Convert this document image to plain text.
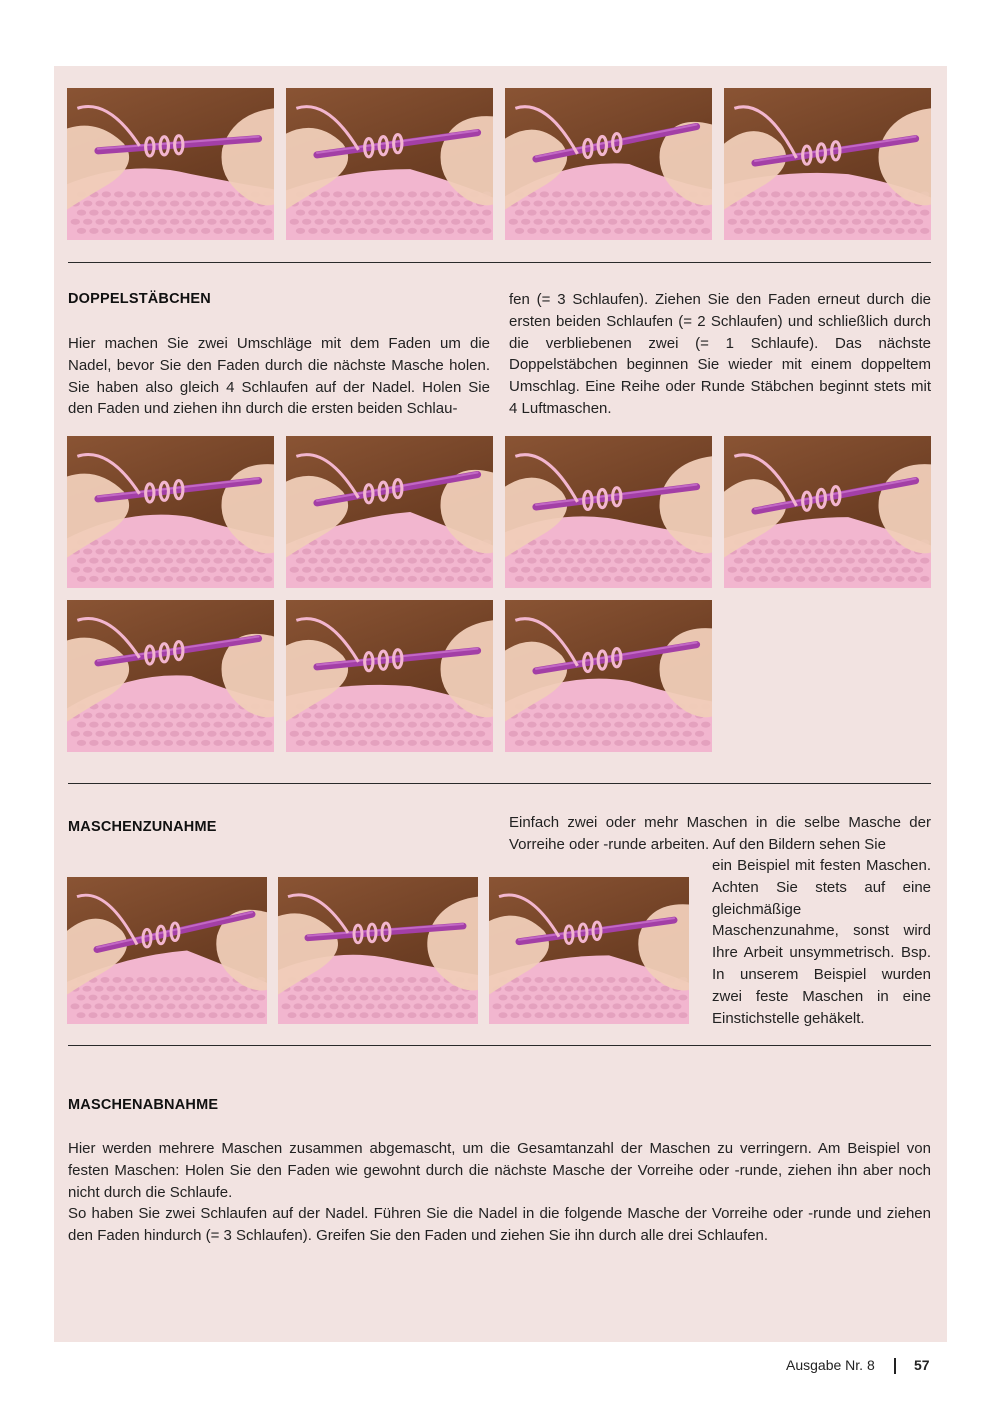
DOPPELSTÄBCHEN
Hier machen Sie zwei Umschläge mit dem Faden um die Nadel, bevor Sie den Faden durch die nächste Masche holen. Sie haben also gleich 4 Schlaufen auf der Nadel. Holen Sie den Faden und ziehen ihn durch die ersten beiden Schlau-
fen (= 3 Schlaufen). Ziehen Sie den Faden erneut durch die ersten beiden Schlaufen (= 2 Schlaufen) und schließlich durch die verbliebenen zwei (= 1 Schlaufe). Das nächste Doppelstäbchen beginnen Sie wieder mit einem doppeltem Umschlag. Eine Reihe oder Runde Stäbchen beginnt stets mit 4 Luftmaschen.
MASCHENZUNAHME	Einfach zwei oder mehr Maschen in die selbe Masche der Vorreihe oder -runde arbeiten. Auf den Bildern sehen Sie
ein Beispiel mit festen Maschen. Achten Sie stets auf eine gleichmäßige Maschenzunahme, sonst wird Ihre Arbeit unsymmetrisch. Bsp. In unserem Beispiel wurden zwei feste Maschen in eine Einstichstelle gehäkelt.
MASCHENABNAHME

Hier werden mehrere Maschen zusammen abgemascht, um die Gesamtanzahl der Maschen zu verringern. Am Beispiel von festen Maschen: Holen Sie den Faden wie gewohnt durch die nächste Masche der Vorreihe oder -runde, ziehen ihn aber noch nicht durch die Schlaufe.

So haben Sie zwei Schlaufen auf der Nadel. Führen Sie die Nadel in die folgende Masche der Vorreihe oder -runde und ziehen den Faden hindurch (= 3 Schlaufen). Greifen Sie den Faden und ziehen Sie ihn durch alle drei Schlaufen.

Ausgabe Nr. 8	57
